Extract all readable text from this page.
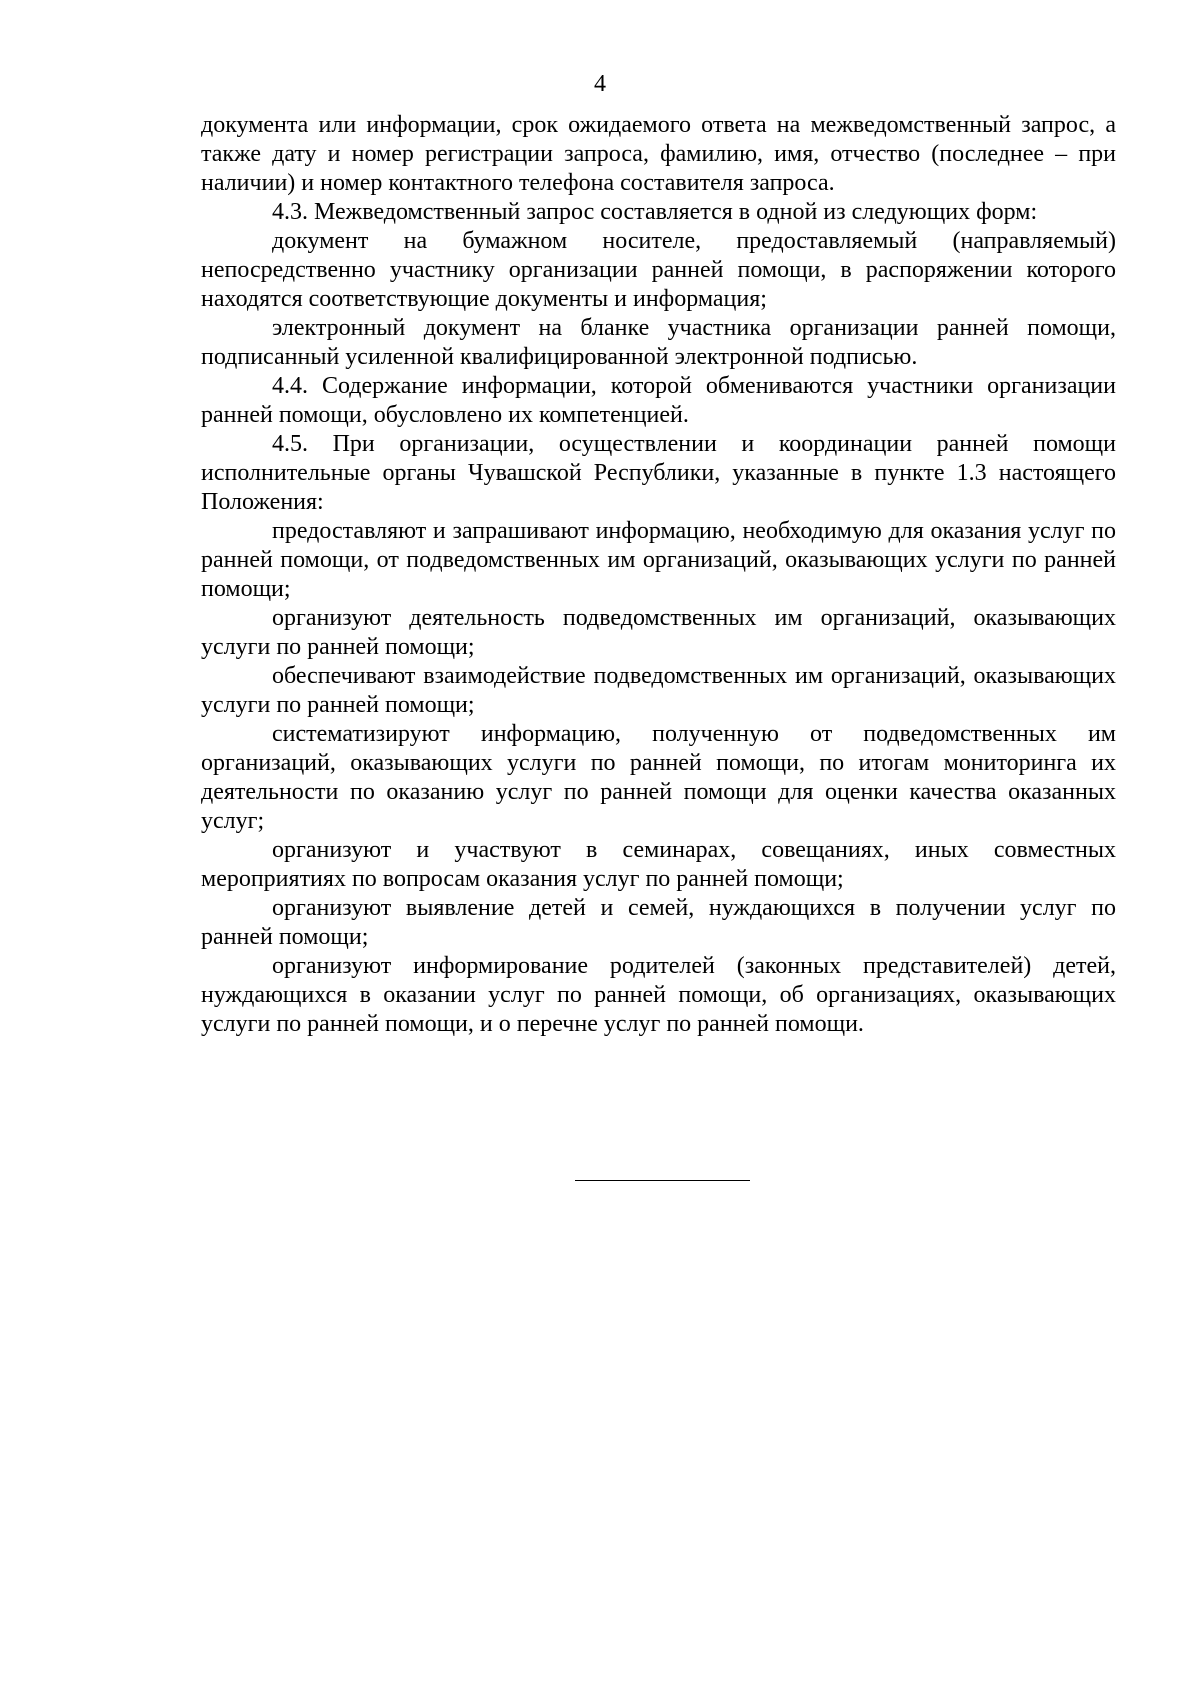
4

документа или информации, срок ожидаемого ответа на межведомственный запрос, а также дату и номер регистрации запроса, фамилию, имя, отчество (последнее – при наличии) и номер контактного телефона составителя запроса.

4.3. Межведомственный запрос составляется в одной из следующих форм:

документ на бумажном носителе, предоставляемый (направляемый) непосредственно участнику организации ранней помощи, в распоряжении которого находятся соответствующие документы и информация;

электронный документ на бланке участника организации ранней помощи, подписанный усиленной квалифицированной электронной подписью.

4.4. Содержание информации, которой обмениваются участники организации ранней помощи, обусловлено их компетенцией.

4.5. При организации, осуществлении и координации ранней помощи исполнительные органы Чувашской Республики, указанные в пункте 1.3 настоящего Положения:

предоставляют и запрашивают информацию, необходимую для оказания услуг по ранней помощи, от подведомственных им организаций, оказывающих услуги по ранней помощи;

организуют деятельность подведомственных им организаций, оказывающих услуги по ранней помощи;

обеспечивают взаимодействие подведомственных им организаций, оказывающих услуги по ранней помощи;

систематизируют информацию, полученную от подведомственных им организаций, оказывающих услуги по ранней помощи, по итогам мониторинга их деятельности по оказанию услуг по ранней помощи для оценки качества оказанных услуг;

организуют и участвуют в семинарах, совещаниях, иных совместных мероприятиях по вопросам оказания услуг по ранней помощи;

организуют выявление детей и семей, нуждающихся в получении услуг по ранней помощи;

организуют информирование родителей (законных представителей) детей, нуждающихся в оказании услуг по ранней помощи, об организациях, оказывающих услуги по ранней помощи, и о перечне услуг по ранней помощи.
